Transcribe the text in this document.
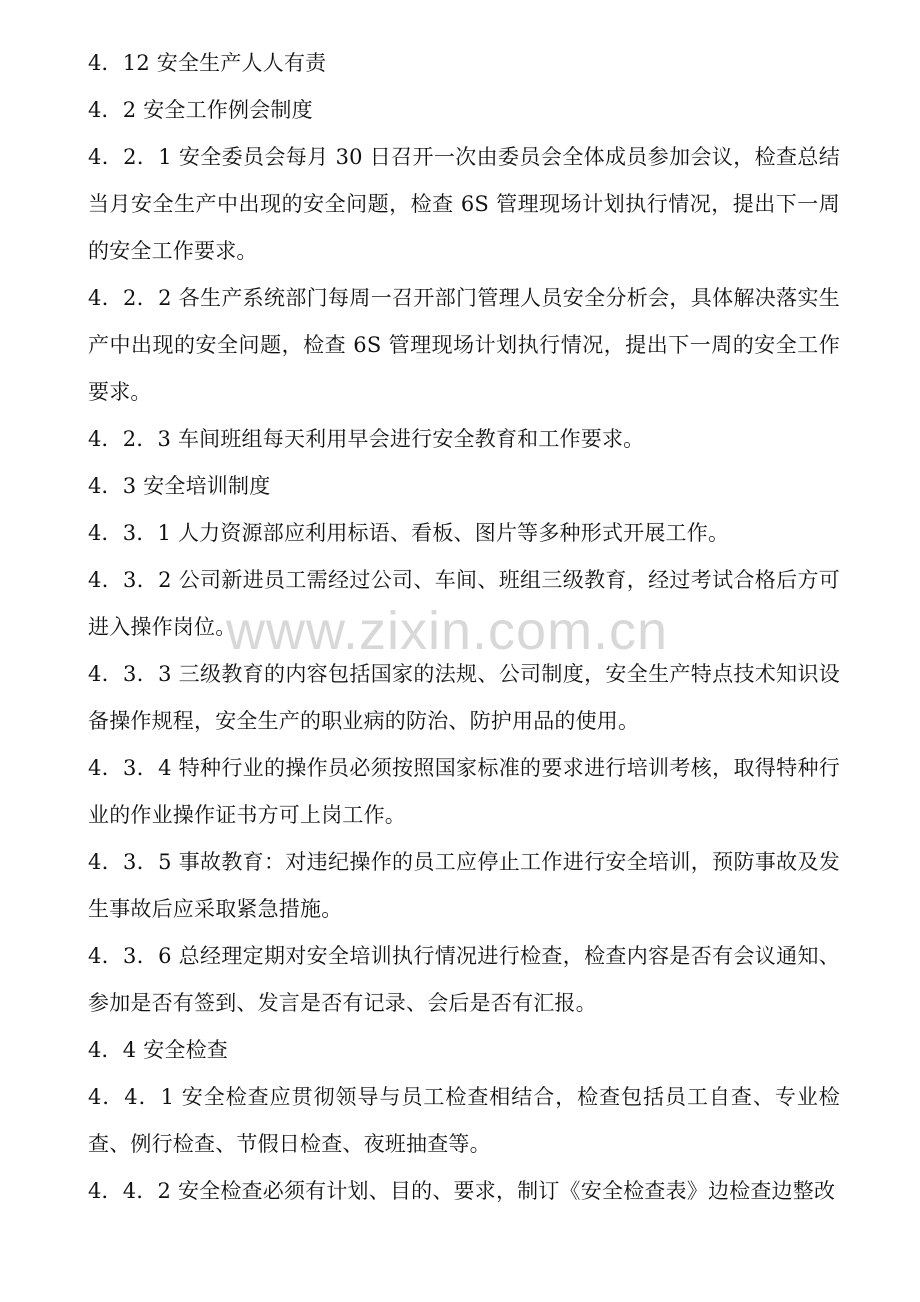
4．12 安全生产人人有责

4．2 安全工作例会制度

4．2．1 安全委员会每月 30 日召开一次由委员会全体成员参加会议，检查总结当月安全生产中出现的安全问题，检查 6S 管理现场计划执行情况，提出下一周的安全工作要求。

4．2．2 各生产系统部门每周一召开部门管理人员安全分析会，具体解决落实生产中出现的安全问题，检查 6S 管理现场计划执行情况，提出下一周的安全工作要求。

4．2．3 车间班组每天利用早会进行安全教育和工作要求。

4．3 安全培训制度

4．3．1 人力资源部应利用标语、看板、图片等多种形式开展工作。

4．3．2 公司新进员工需经过公司、车间、班组三级教育，经过考试合格后方可进入操作岗位。

4．3．3 三级教育的内容包括国家的法规、公司制度，安全生产特点技术知识设备操作规程，安全生产的职业病的防治、防护用品的使用。

4．3．4 特种行业的操作员必须按照国家标准的要求进行培训考核，取得特种行业的作业操作证书方可上岗工作。

4．3．5 事故教育：对违纪操作的员工应停止工作进行安全培训，预防事故及发生事故后应采取紧急措施。

4．3．6 总经理定期对安全培训执行情况进行检查，检查内容是否有会议通知、参加是否有签到、发言是否有记录、会后是否有汇报。

4．4 安全检查

4．4．1 安全检查应贯彻领导与员工检查相结合，检查包括员工自查、专业检查、例行检查、节假日检查、夜班抽查等。

4．4．2 安全检查必须有计划、目的、要求，制订《安全检查表》边检查边整改

www.zixin.com.cn
